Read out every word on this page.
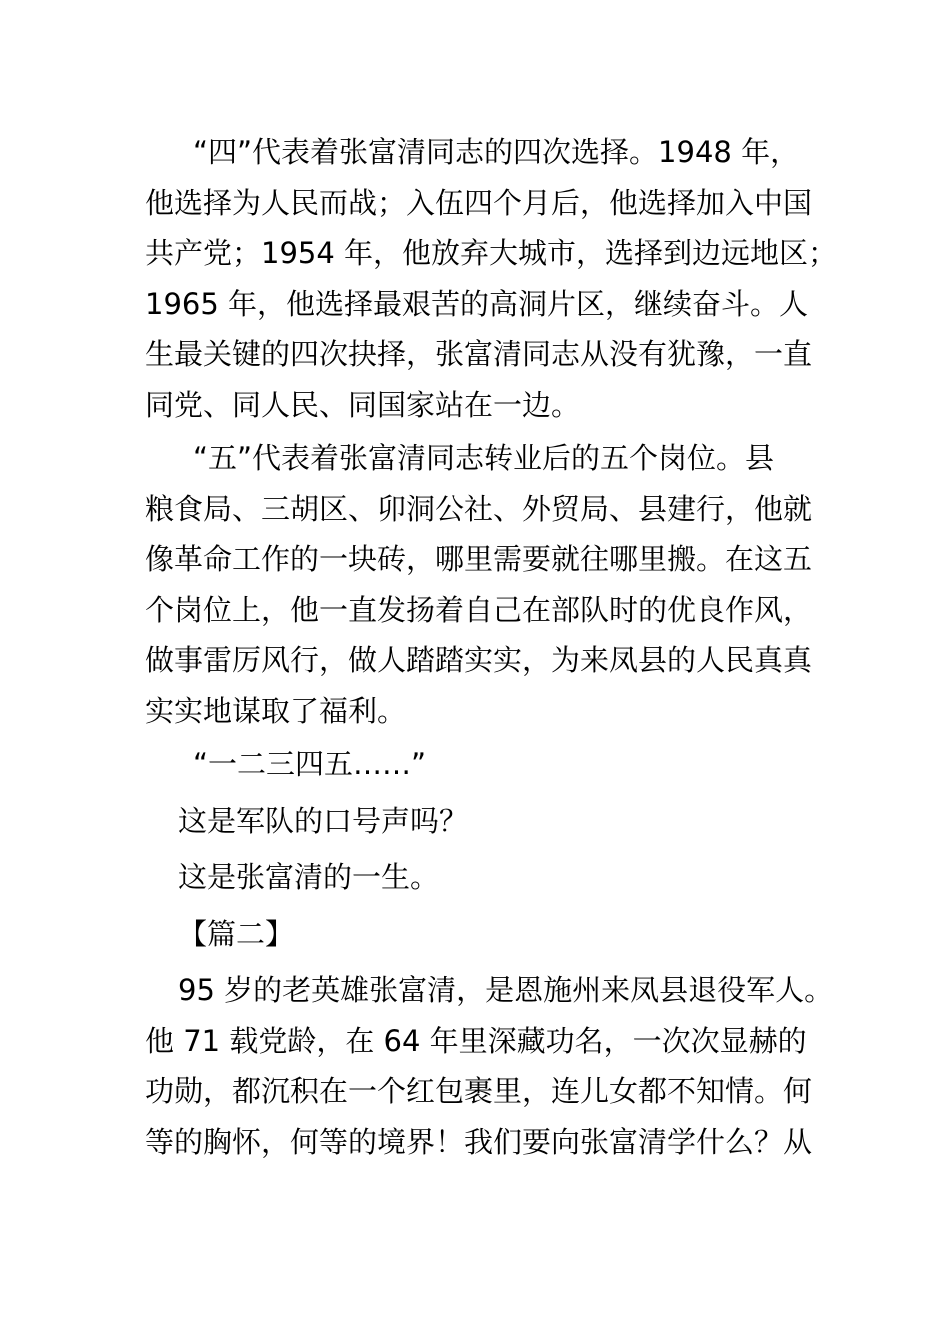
“四”代表着张富清同志的四次选择。1948 年，
他选择为人民而战；入伍四个月后，他选择加入中国
共产党；1954 年，他放弃大城市，选择到边远地区；
1965 年，他选择最艰苦的高洞片区，继续奋斗。人
生最关键的四次抉择，张富清同志从没有犹豫，一直
同党、同人民、同国家站在一边。
“五”代表着张富清同志转业后的五个岗位。县
粮食局、三胡区、卯洞公社、外贸局、县建行，他就
像革命工作的一块砖，哪里需要就往哪里搬。在这五
个岗位上，他一直发扬着自己在部队时的优良作风，
做事雷厉风行，做人踏踏实实，为来凤县的人民真真
实实地谋取了福利。
“一二三四五……”
这是军队的口号声吗？
这是张富清的一生。
【篇二】
95 岁的老英雄张富清，是恩施州来凤县退役军人。
他 71 载党龄，在 64 年里深藏功名，一次次显赫的
功勋，都沉积在一个红包裹里，连儿女都不知情。何
等的胸怀，何等的境界！我们要向张富清学什么？从
